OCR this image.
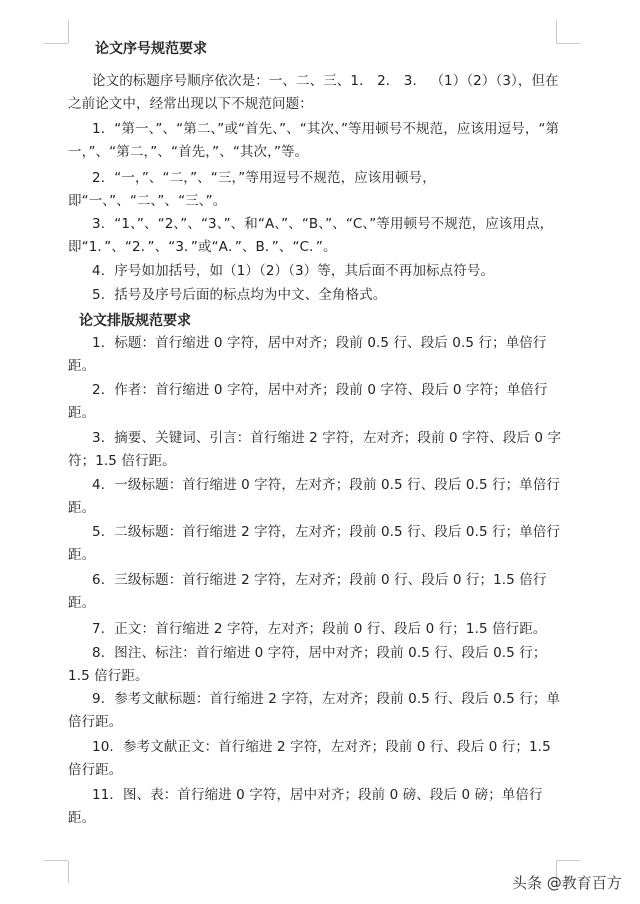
论文序号规范要求
论文的标题序号顺序依次是：一、二、三、1． 2． 3． （1）（2）（3），但在之前论文中，经常出现以下不规范问题：
1．“第一、”、“第二、”或“首先、”、“其次、”等用顿号不规范，应该用逗号，“第一，”、“第二，”、“首先，”、“其次，”等。
2．“一，”、“二，”、“三，”等用逗号不规范，应该用顿号，即“一、”、“二、”、“三、”。
3．“1、”、“2、”、“3、”、和“A、”、“B、”、“C、”等用顿号不规范，应该用点，即“1．”、“2．”、“3．”或“A．”、B．”、“C．”。
4．序号如加括号，如（1）（2）（3）等，其后面不再加标点符号。
5．括号及序号后面的标点均为中文、全角格式。
论文排版规范要求
1．标题：首行缩进 0 字符，居中对齐；段前 0.5 行、段后 0.5 行；单倍行距。
2．作者：首行缩进 0 字符，居中对齐；段前 0 字符、段后 0 字符；单倍行距。
3．摘要、关键词、引言：首行缩进 2 字符，左对齐；段前 0 字符、段后 0 字符；1.5 倍行距。
4．一级标题：首行缩进 0 字符，左对齐；段前 0.5 行、段后 0.5 行；单倍行距。
5．二级标题：首行缩进 2 字符，左对齐；段前 0.5 行、段后 0.5 行；单倍行距。
6．三级标题：首行缩进 2 字符，左对齐；段前 0 行、段后 0 行；1.5 倍行距。
7．正文：首行缩进 2 字符，左对齐；段前 0 行、段后 0 行；1.5 倍行距。
8．图注、标注：首行缩进 0 字符，居中对齐；段前 0.5 行、段后 0.5 行；1.5 倍行距。
9．参考文献标题：首行缩进 2 字符，左对齐；段前 0.5 行、段后 0.5 行；单倍行距。
10．参考文献正文：首行缩进 2 字符，左对齐；段前 0 行、段后 0 行；1.5 倍行距。
11．图、表：首行缩进 0 字符，居中对齐；段前 0 磅、段后 0 磅；单倍行距。
头条 @教育百方
